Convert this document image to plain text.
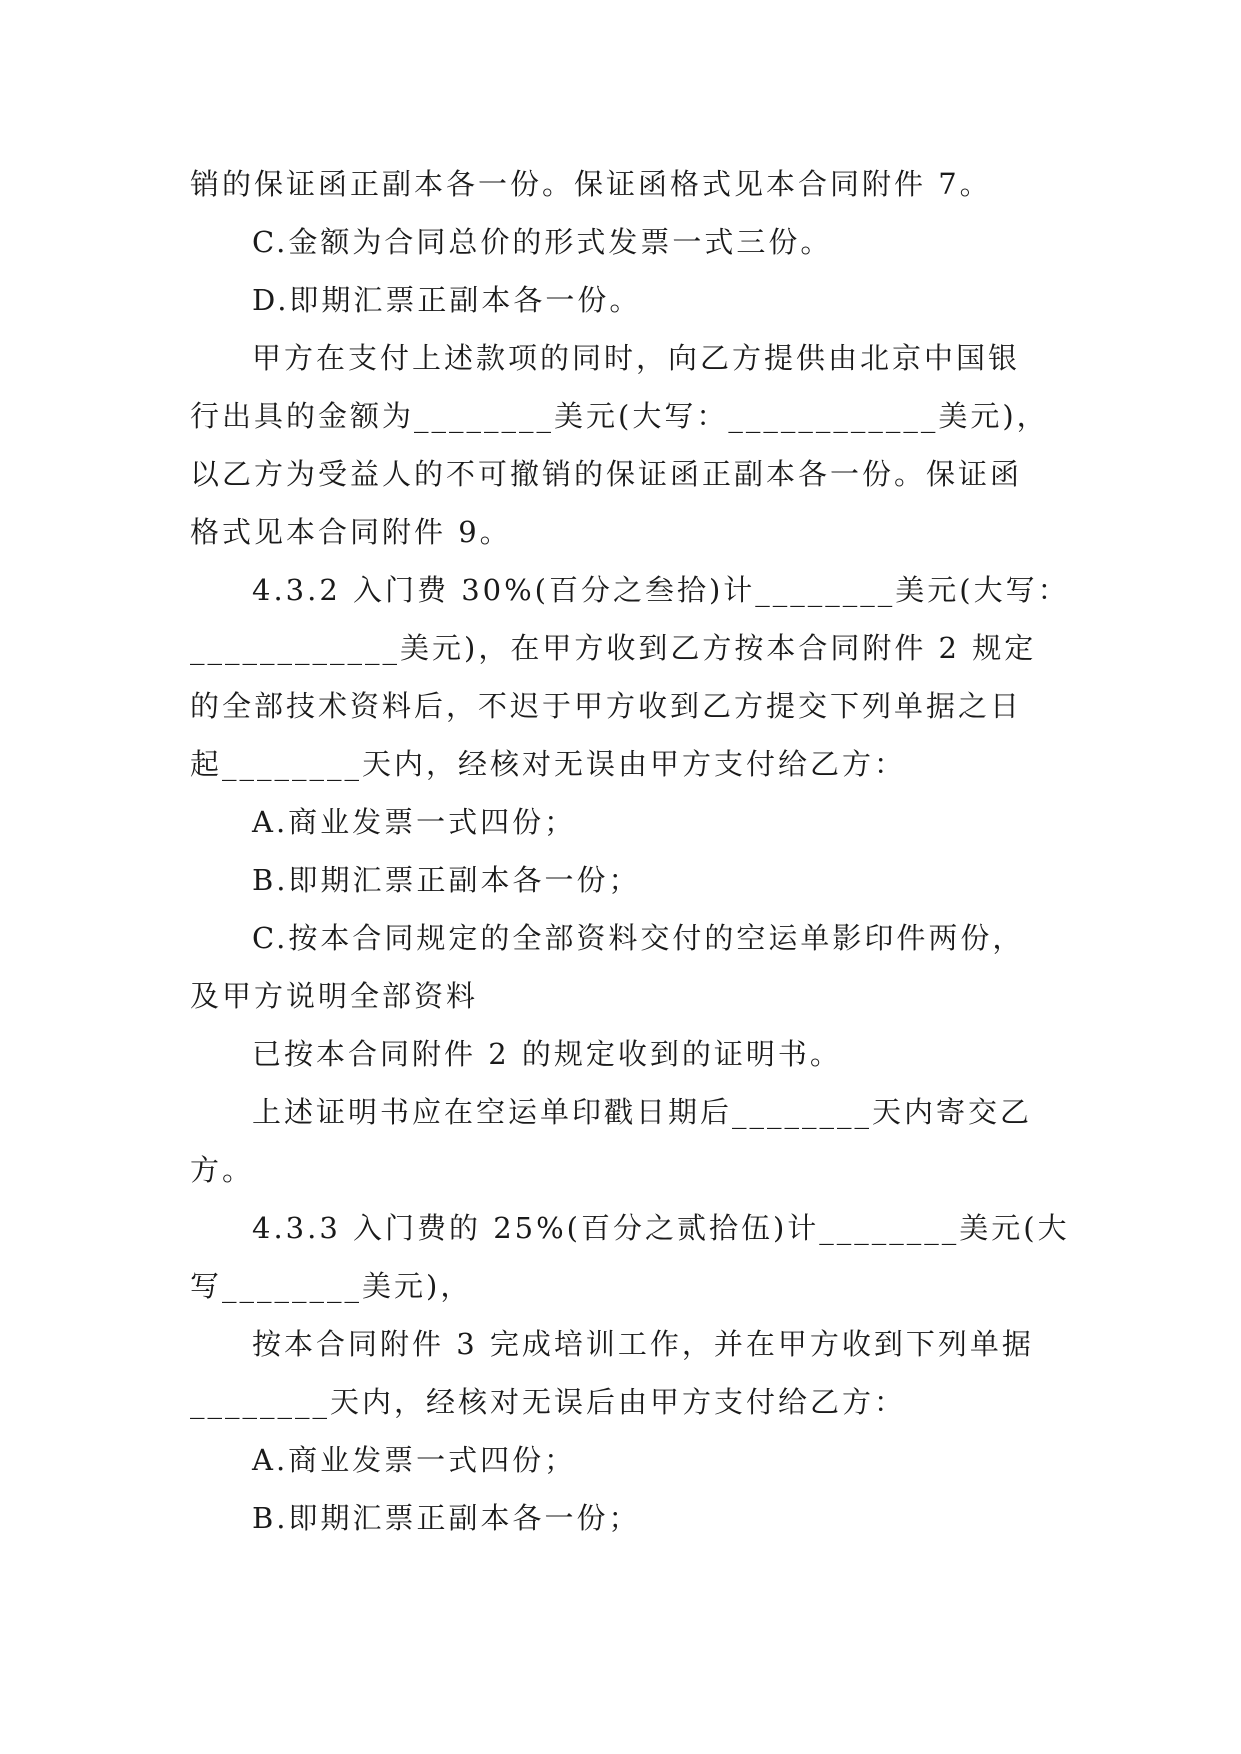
销的保证函正副本各一份。保证函格式见本合同附件 7。
C.金额为合同总价的形式发票一式三份。
D.即期汇票正副本各一份。
甲方在支付上述款项的同时，向乙方提供由北京中国银
行出具的金额为________美元(大写：____________美元)，
以乙方为受益人的不可撤销的保证函正副本各一份。保证函
格式见本合同附件 9。
4.3.2 入门费 30%(百分之叁拾)计________美元(大写：
____________美元)，在甲方收到乙方按本合同附件 2 规定
的全部技术资料后，不迟于甲方收到乙方提交下列单据之日
起________天内，经核对无误由甲方支付给乙方：
A.商业发票一式四份；
B.即期汇票正副本各一份；
C.按本合同规定的全部资料交付的空运单影印件两份，
及甲方说明全部资料
已按本合同附件 2 的规定收到的证明书。
上述证明书应在空运单印戳日期后________天内寄交乙
方。
4.3.3 入门费的 25%(百分之贰拾伍)计________美元(大
写________美元)，
按本合同附件 3 完成培训工作，并在甲方收到下列单据
________天内，经核对无误后由甲方支付给乙方：
A.商业发票一式四份；
B.即期汇票正副本各一份；
